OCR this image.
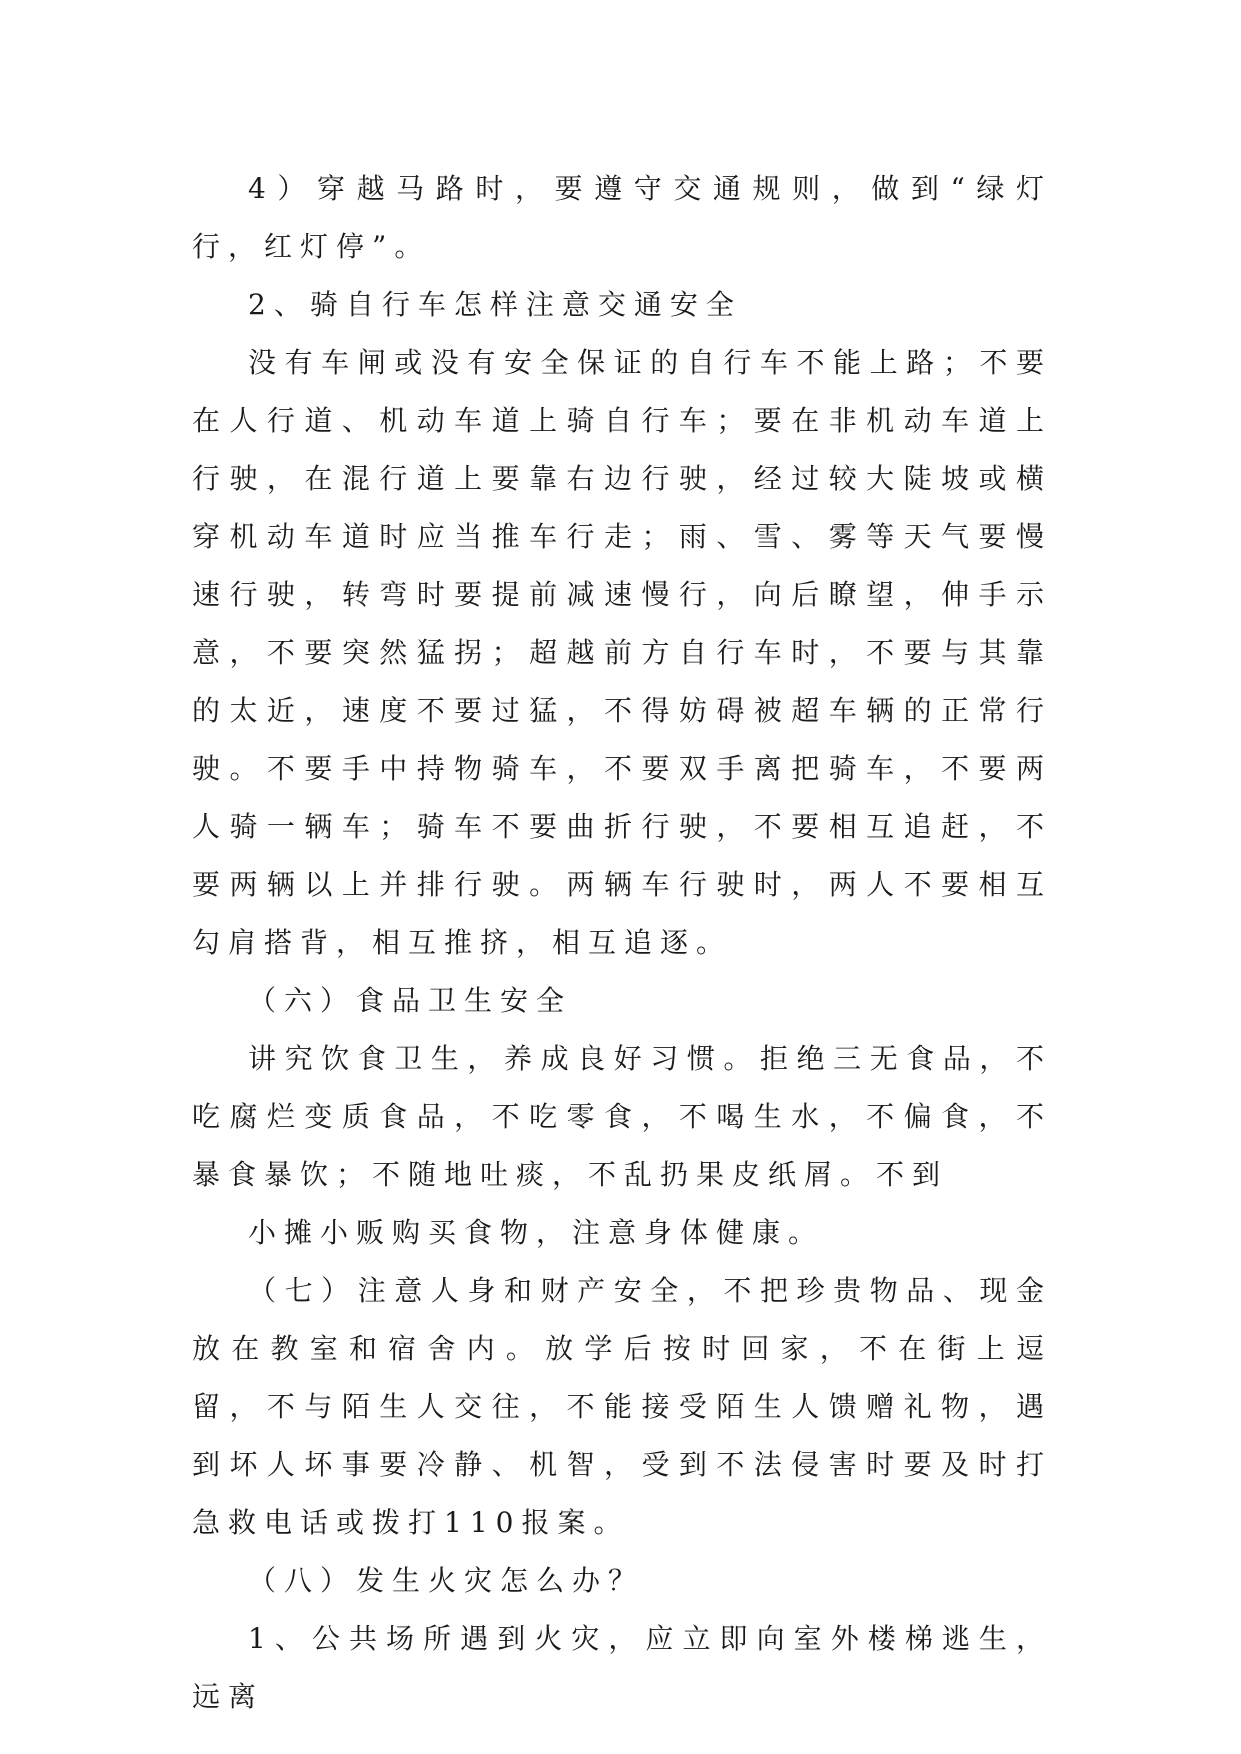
4）穿越马路时，要遵守交通规则，做到“绿灯行，红灯停”。

2、骑自行车怎样注意交通安全

没有车闸或没有安全保证的自行车不能上路；不要在人行道、机动车道上骑自行车；要在非机动车道上行驶，在混行道上要靠右边行驶，经过较大陡坡或横穿机动车道时应当推车行走；雨、雪、雾等天气要慢速行驶，转弯时要提前减速慢行，向后瞭望，伸手示意，不要突然猛拐；超越前方自行车时，不要与其靠的太近，速度不要过猛，不得妨碍被超车辆的正常行驶。不要手中持物骑车，不要双手离把骑车，不要两人骑一辆车；骑车不要曲折行驶，不要相互追赶，不要两辆以上并排行驶。两辆车行驶时，两人不要相互勾肩搭背，相互推挤，相互追逐。

（六）食品卫生安全

讲究饮食卫生，养成良好习惯。拒绝三无食品，不吃腐烂变质食品，不吃零食，不喝生水，不偏食，不暴食暴饮；不随地吐痰，不乱扔果皮纸屑。不到

小摊小贩购买食物，注意身体健康。

（七）注意人身和财产安全，不把珍贵物品、现金放在教室和宿舍内。放学后按时回家，不在街上逗留，不与陌生人交往，不能接受陌生人馈赠礼物，遇到坏人坏事要冷静、机智，受到不法侵害时要及时打急救电话或拨打110报案。

（八）发生火灾怎么办？

1、公共场所遇到火灾，应立即向室外楼梯逃生，远离
